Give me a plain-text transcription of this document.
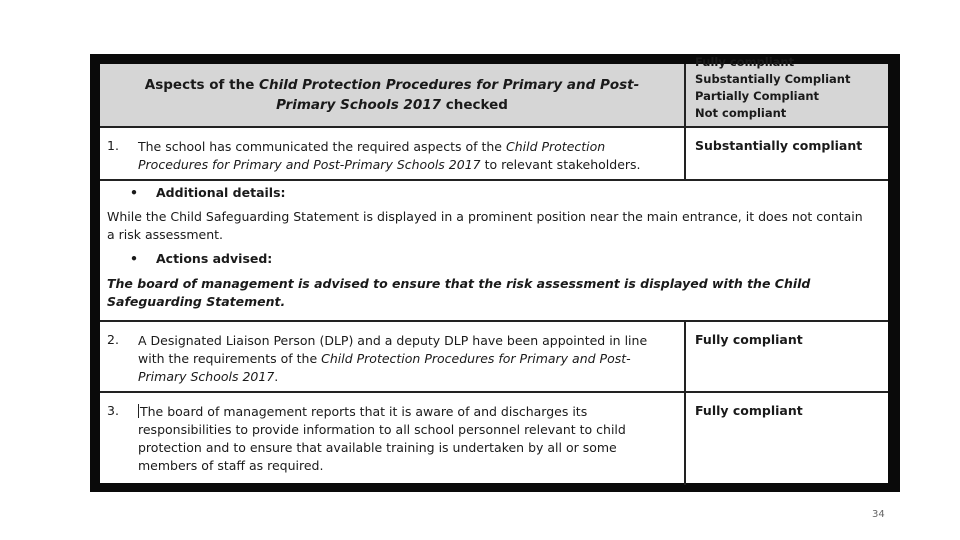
Aspects of the Child Protection Procedures for Primary and Post-Primary Schools 2017 checked
Fully compliant
Substantially Compliant
Partially Compliant
Not compliant
1. The school has communicated the required aspects of the Child Protection Procedures for Primary and Post-Primary Schools 2017 to relevant stakeholders.
Substantially compliant
• Additional details:
While the Child Safeguarding Statement is displayed in a prominent position near the main entrance, it does not contain a risk assessment.
• Actions advised:
The board of management is advised to ensure that the risk assessment is displayed with the Child Safeguarding Statement.
2. A Designated Liaison Person (DLP) and a deputy DLP have been appointed in line with the requirements of the Child Protection Procedures for Primary and Post-Primary Schools 2017.
Fully compliant
3. The board of management reports that it is aware of and discharges its responsibilities to provide information to all school personnel relevant to child protection and to ensure that available training is undertaken by all or some members of staff as required.
Fully compliant
34
